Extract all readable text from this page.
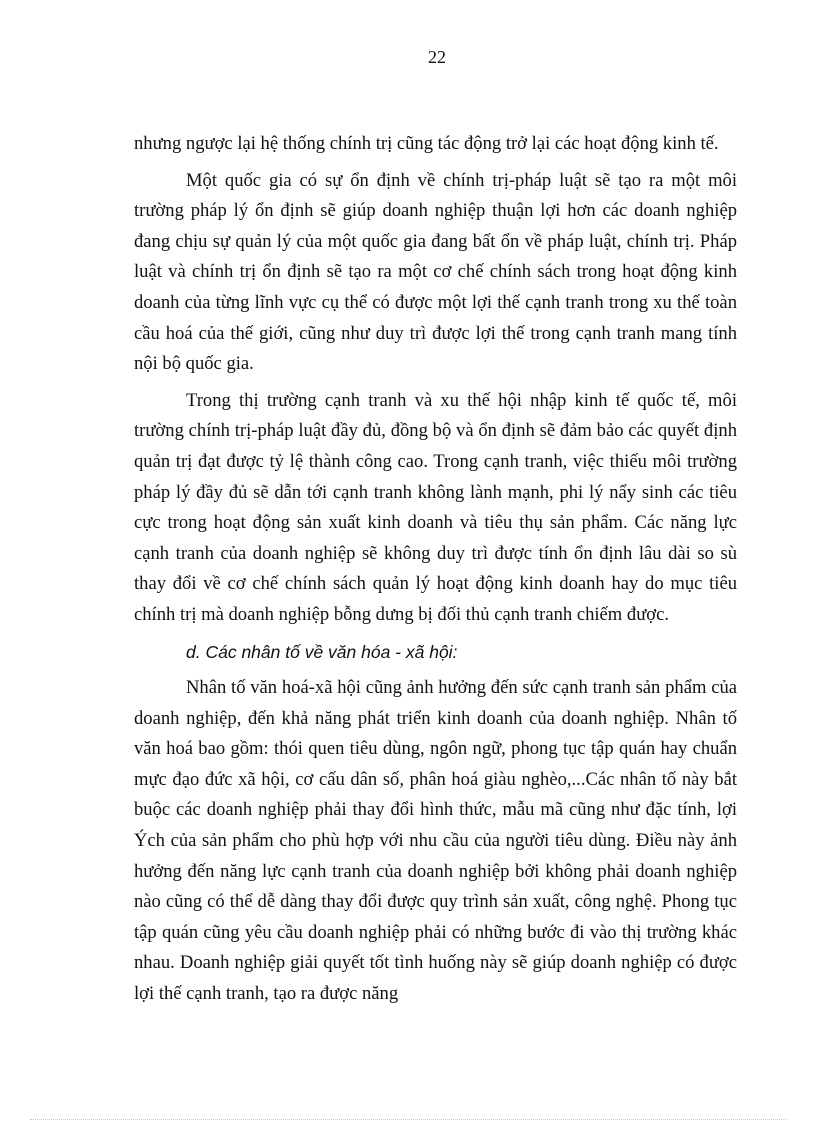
22

nhưng ngược lại hệ thống chính trị cũng tác động trở lại các hoạt động kinh tế.

Một quốc gia có sự ổn định về chính trị-pháp luật sẽ tạo ra một môi trường pháp lý ổn định sẽ giúp doanh nghiệp thuận lợi hơn các doanh nghiệp đang chịu sự quản lý của một quốc gia đang bất ổn về pháp luật, chính trị. Pháp luật và chính trị ổn định sẽ tạo ra một cơ chế chính sách trong hoạt động kinh doanh của từng lĩnh vực cụ thể có được một lợi thế cạnh tranh trong xu thế toàn cầu hoá của thế giới, cũng như duy trì được lợi thế trong cạnh tranh mang tính nội bộ quốc gia.

Trong thị trường cạnh tranh và xu thế hội nhập kinh tế quốc tế, môi trường chính trị-pháp luật đầy đủ, đồng bộ và ổn định sẽ đảm bảo các quyết định quản trị đạt được tỷ lệ thành công cao. Trong cạnh tranh, việc thiếu môi trường pháp lý đầy đủ sẽ dẫn tới cạnh tranh không lành mạnh, phi lý nẩy sinh các tiêu cực trong hoạt động sản xuất kinh doanh và tiêu thụ sản phẩm. Các năng lực cạnh tranh của doanh nghiệp sẽ không duy trì được tính ổn định lâu dài so sù thay đổi về cơ chế chính sách quản lý hoạt động kinh doanh hay do mục tiêu chính trị mà doanh nghiệp bỗng dưng bị đối thủ cạnh tranh chiếm được.

d. Các nhân tố về văn hóa - xã hội:

Nhân tố văn hoá-xã hội cũng ảnh hưởng đến sức cạnh tranh sản phẩm của doanh nghiệp, đến khả năng phát triển kinh doanh của doanh nghiệp. Nhân tố văn hoá bao gồm: thói quen tiêu dùng, ngôn ngữ, phong tục tập quán hay chuẩn mực đạo đức xã hội, cơ cấu dân số, phân hoá giàu nghèo,...Các nhân tố này bắt buộc các doanh nghiệp phải thay đổi hình thức, mẫu mã cũng như đặc tính, lợi Ých của sản phẩm cho phù hợp với nhu cầu của người tiêu dùng. Điều này ảnh hưởng đến năng lực cạnh tranh của doanh nghiệp bởi không phải doanh nghiệp nào cũng có thể dễ dàng thay đổi được quy trình sản xuất, công nghệ. Phong tục tập quán cũng yêu cầu doanh nghiệp phải có những bước đi vào thị trường khác nhau. Doanh nghiệp giải quyết tốt tình huống này sẽ giúp doanh nghiệp có được lợi thế cạnh tranh, tạo ra được năng
